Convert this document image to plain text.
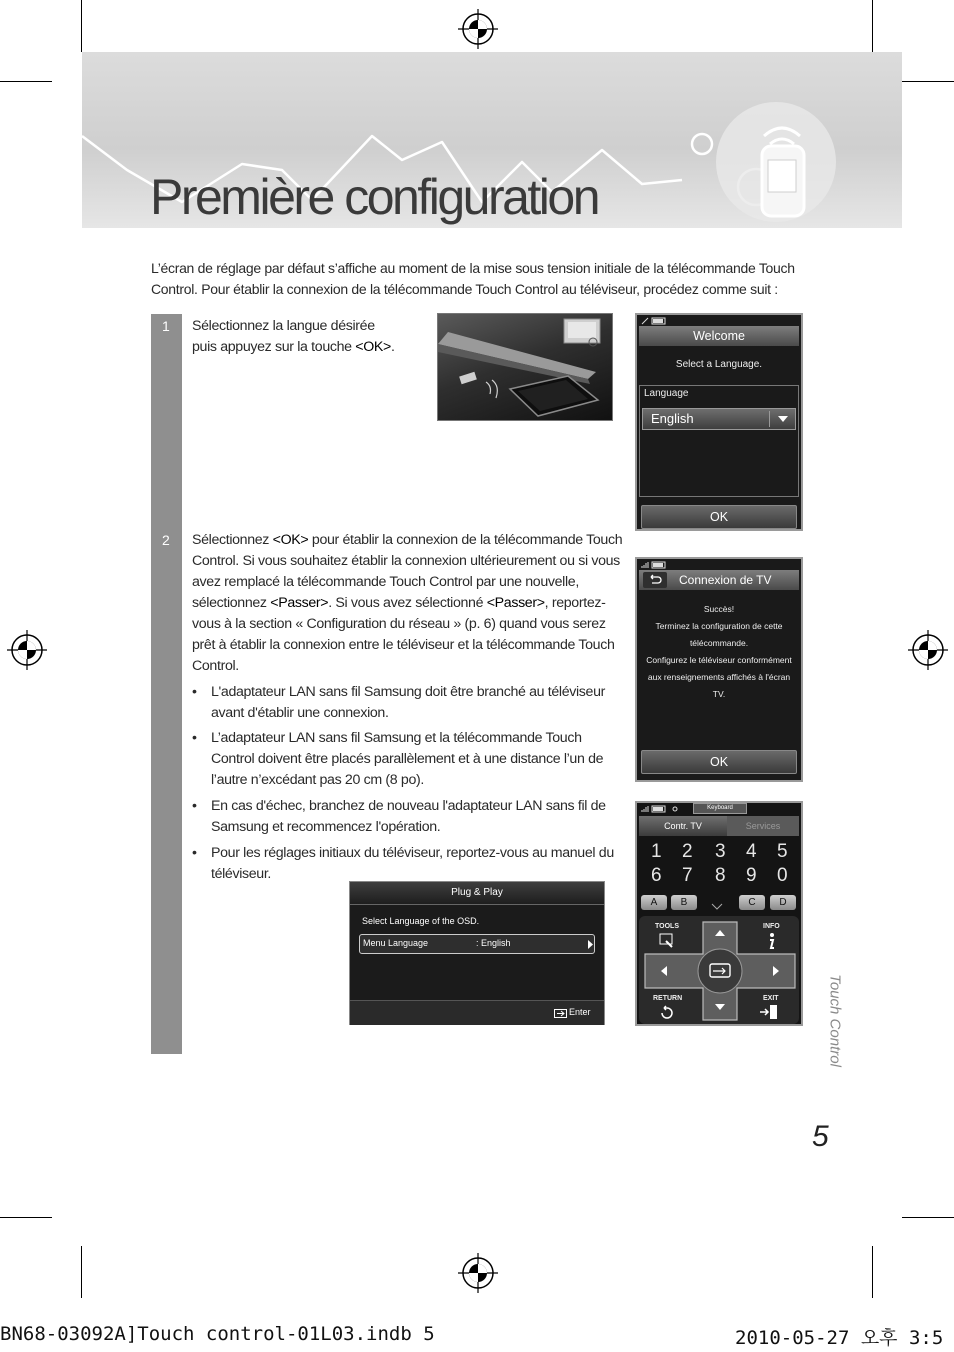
Première configuration
L’écran de réglage par défaut s’affiche au moment de la mise sous tension initiale de la télécommande Touch Control. Pour établir la connexion de la télécommande Touch Control au téléviseur, procédez comme suit :
1
2
Sélectionnez la langue désirée
puis appuyez sur la touche <OK>.
Sélectionnez <OK> pour établir la connexion de la télécommande Touch Control. Si vous souhaitez établir la connexion ultérieurement ou si vous avez remplacé la télécommande Touch Control par une nouvelle, sélectionnez <Passer>. Si vous avez sélectionné <Passer>, reportez-vous à la section « Configuration du réseau » (p. 6) quand vous serez prêt à établir la connexion entre le téléviseur et la télécommande Touch Control.
• L'adaptateur LAN sans fil Samsung doit être branché au téléviseur avant d'établir une connexion.
• L’adaptateur LAN sans fil Samsung et la télécommande Touch Control doivent être placés parallèlement et à une distance l’un de l’autre n’excédant pas 20 cm (8 po).
• En cas d'échec, branchez de nouveau l'adaptateur LAN sans fil de Samsung et recommencez l'opération.
• Pour les réglages initiaux du téléviseur, reportez-vous au manuel du téléviseur.
Welcome
Select a Language.
Language
English
OK
Connexion de TV
Succès!
Terminez la configuration de cette
télécommande.
Configurez le téléviseur conformément
aux renseignements affichés à l'écran
TV.
OK
Keyboard
Contr. TV	Services
1 2 3 4 5
6 7 8 9 0
A	B	C	D
TOOLS	INFO
RETURN	EXIT
Plug & Play
Select Language of the OSD.
Menu Language	: English
Enter	Touch Control
5
BN68-03092A]Touch control-01L03.indb 5	2010-05-27 오후 3:5
